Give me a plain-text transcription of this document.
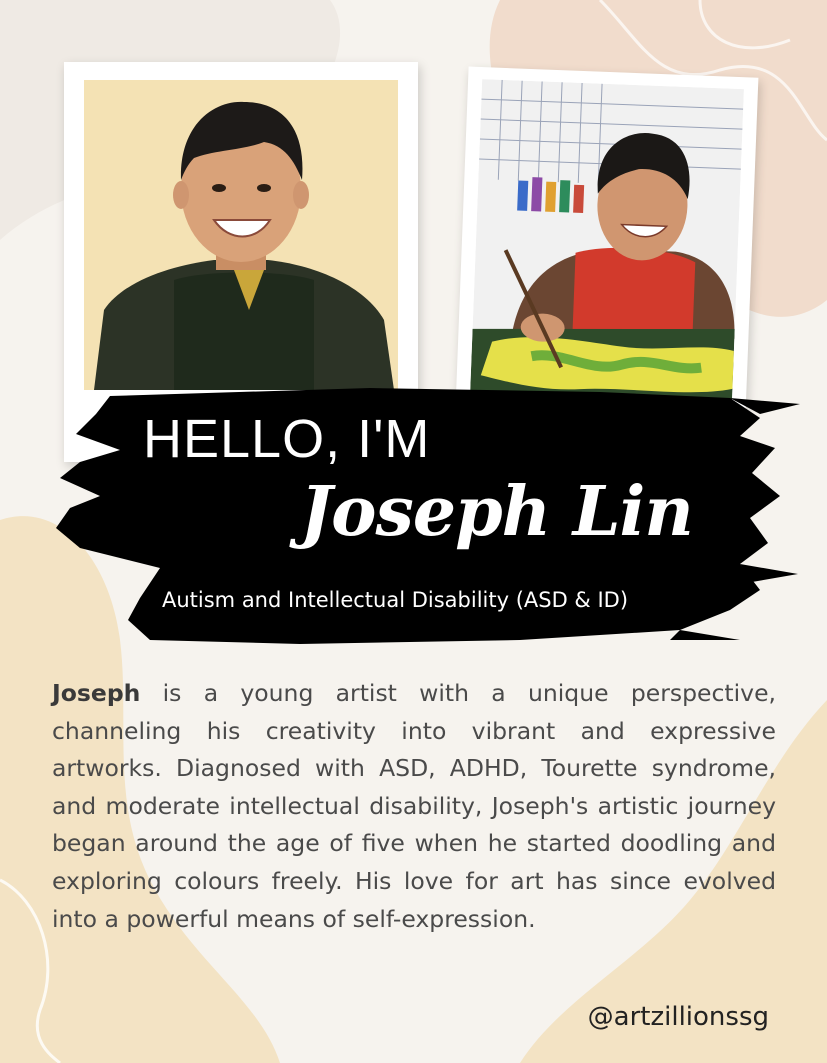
HELLO, I'M
Joseph Lin
Autism and Intellectual Disability (ASD & ID)

Joseph is a young artist with a unique perspective, channeling his creativity into vibrant and expressive artworks. Diagnosed with ASD, ADHD, Tourette syndrome, and moderate intellectual disability, Joseph's artistic journey began around the age of five when he started doodling and exploring colours freely. His love for art has since evolved into a powerful means of self-expression.

@artzillionssg
